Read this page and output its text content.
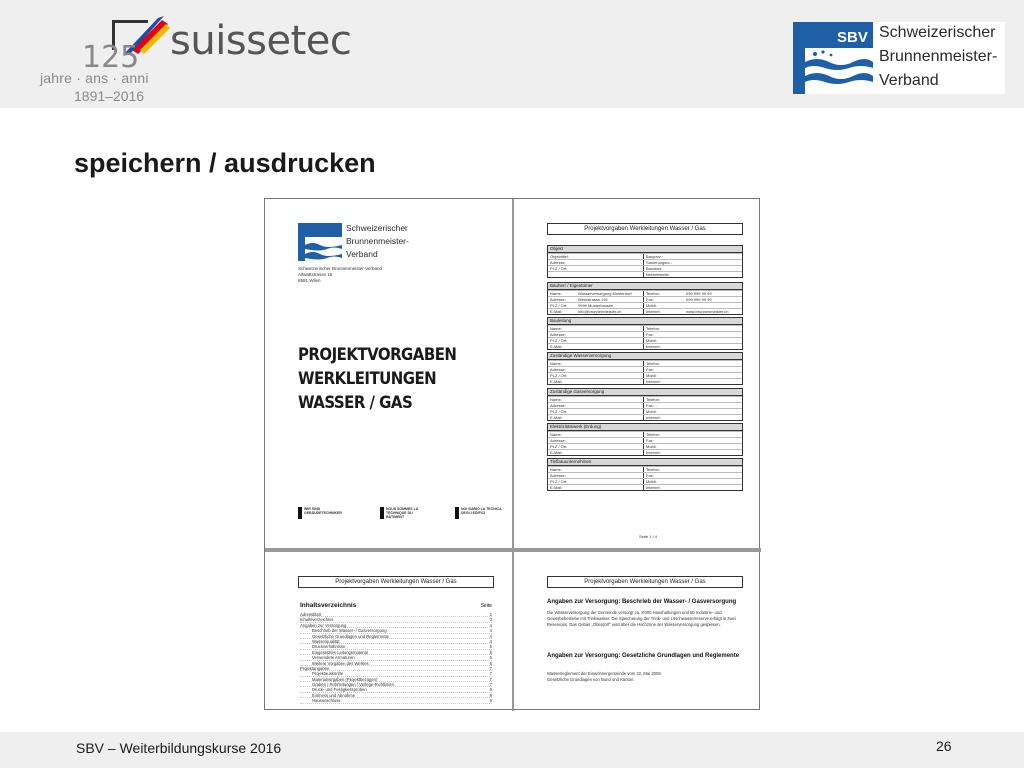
125 suissetec
jahre · ans · anni
1891–2016
SBV Schweizerischer
Brunnenmeister-
Verband
speichern / ausdrucken
Schweizerischer
Brunnenmeister-
Verband
Schweizerischer Brunnenmeister-Verband
Altwattstrasse 15
8581 Wilen
PROJEKTVORGABEN
WERKLEITUNGEN
WASSER / GAS
WIR SIND GEBÄUDETECHNIKER
NOUS SOMMES LA TECHNIQUE DU BÂTIMENT
NOI SIAMO LA TECNICA DEGLI EDIFICI
Projektvorgaben Werkleitungen Wasser / Gas
Objekt
Objekttitel:	Bauparz.:
Adresse:	Sanierungsnr.:
PLZ / Ort:	Baustart:
Netzleitstelle:
Bauherr / Eigentümer
Name:	Wasserversorgung Musterdorf	Telefon:	099 999 99 99
Adresse:	Werkstrasse 191	Fax:	099 999 99 99
PLZ / Ort:	9999 Musterhausen	Mobil:
E-Mail:	info@brunnenmeister.ch	Internet:	www.brunnenmeister.ch
Bauleitung
Name:	Telefon:
Adresse:	Fax:
PLZ / Ort:	Mobil:
E-Mail:	Internet:
Zuständige Wasserversorgung
Name:	Telefon:
Adresse:	Fax:
PLZ / Ort:	Mobil:
E-Mail:	Internet:
Zuständige Gasversorgung
Name:	Telefon:
Adresse:	Fax:
PLZ / Ort:	Mobil:
E-Mail:	Internet:
Elektrizitätswerk (Erdung)
Name:	Telefon:
Adresse:	Fax:
PLZ / Ort:	Mobil:
E-Mail:	Internet:
Tiefbauunternehmen
Name:	Telefon:
Adresse:	Fax:
PLZ / Ort:	Mobil:
E-Mail:	Internet:
Seite 1 / 4
Projektvorgaben Werkleitungen Wasser / Gas
Inhaltsverzeichnis	Seite
Adressblatt	2
Inhaltsverzeichnis	3
Angaben zur Versorgung	4
Beschrieb der Wasser- / Gasversorgung	4
Gesetzliche Grundlagen und Reglemente	4
Wasserqualität	4
Druckverhältnisse	5
Eingesetztes Leitungsmaterial	5
Verwendete Armaturen	5
Weitere Vorgaben des Werkes	6
Projektangaben	7
Projektauskünfte	7
Materialvorgaben (Projektbezogen)	7
Graben / Rohrleitungen / Verlege-Richtlinien	7
Druck- und Festigkeitsproben	9
Einmess und Abnahme	9
Hausanschluss	9
Projektvorgaben Werkleitungen Wasser / Gas
Angaben zur Versorgung: Beschrieb der Wasser- / Gasversorgung
Die Wasserversorgung der Gemeinde versorgt ca. 8'000 Haushaltungen und 80 Industrie- und Gewerbebetriebe mit Trinkwasser. Die Speicherung der Trink- und Löschwasserreserve erfolgt in zwei Reservoirs. Das Gebiet „Oberdorf“ wird über die Hochzone der Wasserversorgung gespiesen.
Angaben zur Versorgung: Gesetzliche Grundlagen und Reglemente
Wasserreglement der Einwohnergemeinde vom 22. Mai 2008.
Gesetzliche Grundlagen von Bund und Kanton.
SBV – Weiterbildungskurse 2016	26
